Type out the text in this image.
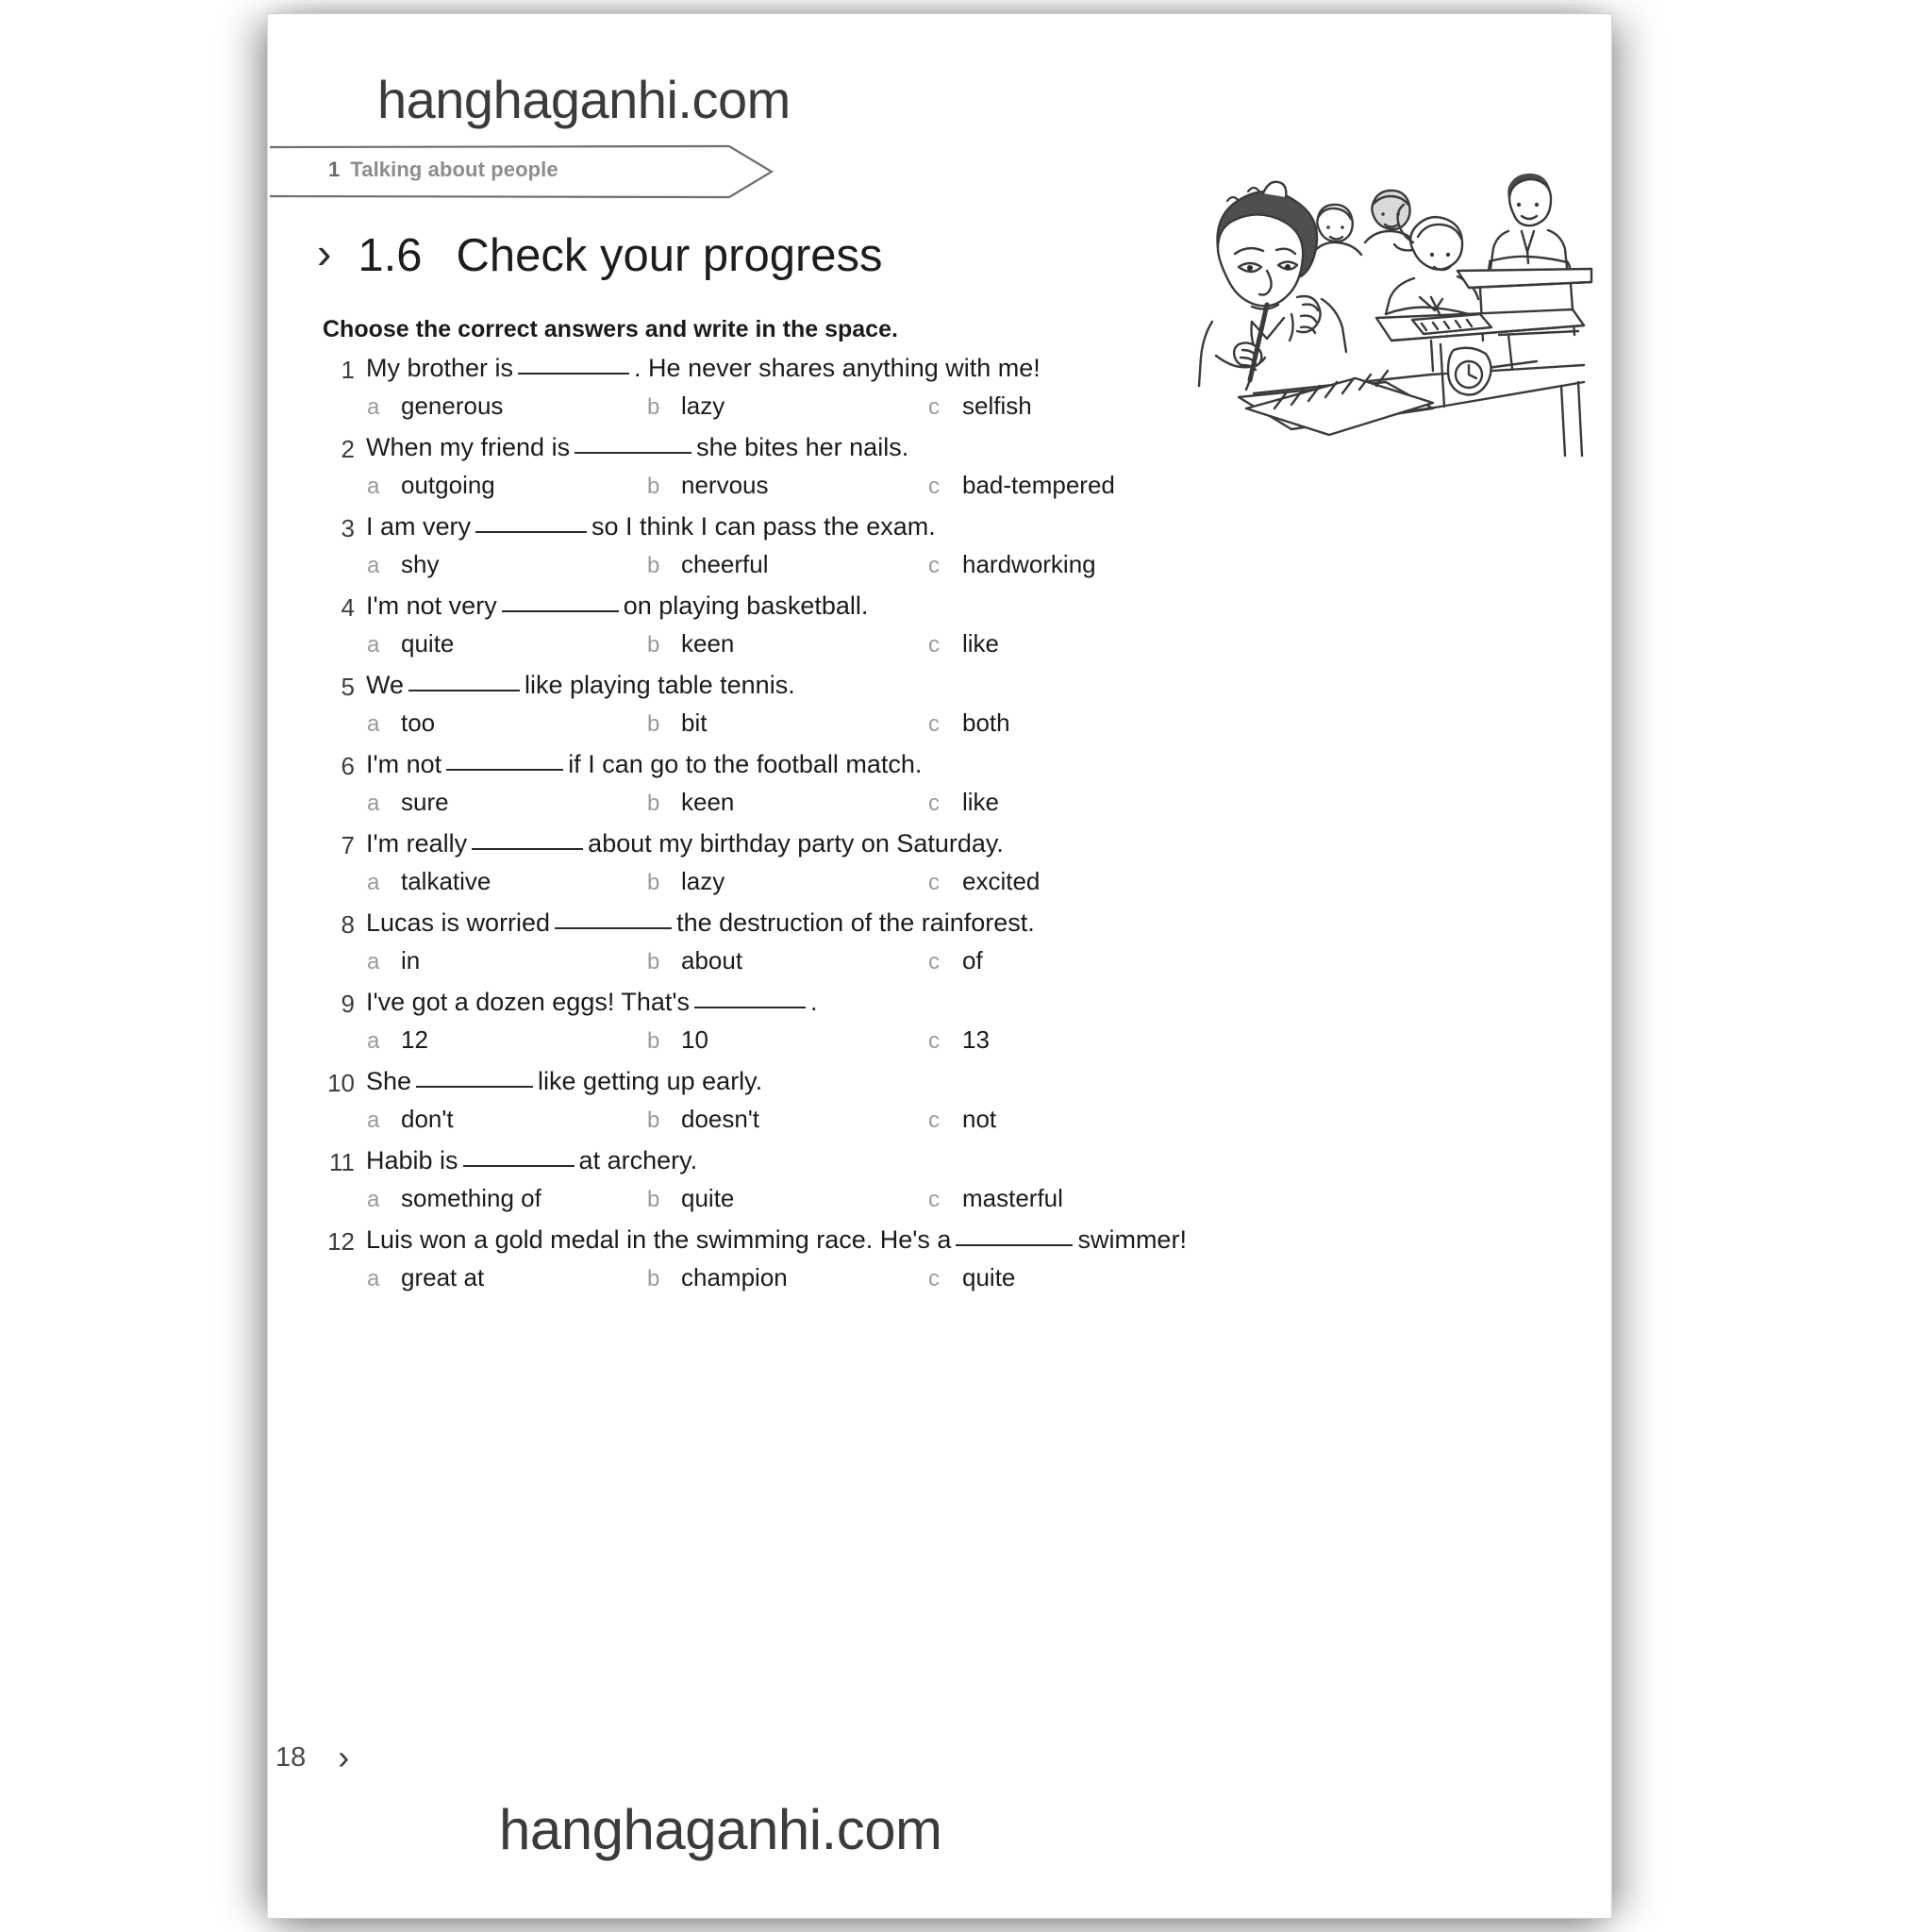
hanghaganhi.com
1 Talking about people
› 1.6 Check your progress
Choose the correct answers and write in the space.
1 My brother is	. He never shares anything with me!
a generous	b lazy	c selfish
2 When my friend is	she bites her nails.
a outgoing	b nervous	c bad-tempered
3 I am very	so I think I can pass the exam.
a shy	b cheerful	c hardworking
4 I'm not very	on playing basketball.
a quite	b keen	c like
5 We	like playing table tennis.
a too	b bit	c both
6 I'm not	if I can go to the football match.
a sure	b keen	c like
7 I'm really	about my birthday party on Saturday.
a talkative	b lazy	c excited
8 Lucas is worried	the destruction of the rainforest.
a in	b about	c of
9 I've got a dozen eggs! That's	.
a 12	b 10	c 13
10 She	like getting up early.
a don't	b doesn't	c not
11 Habib is	at archery.
a something of	b quite	c masterful
12 Luis won a gold medal in the swimming race. He's a	swimmer!
a great at	b champion	c quite
18 ›
hanghaganhi.com
